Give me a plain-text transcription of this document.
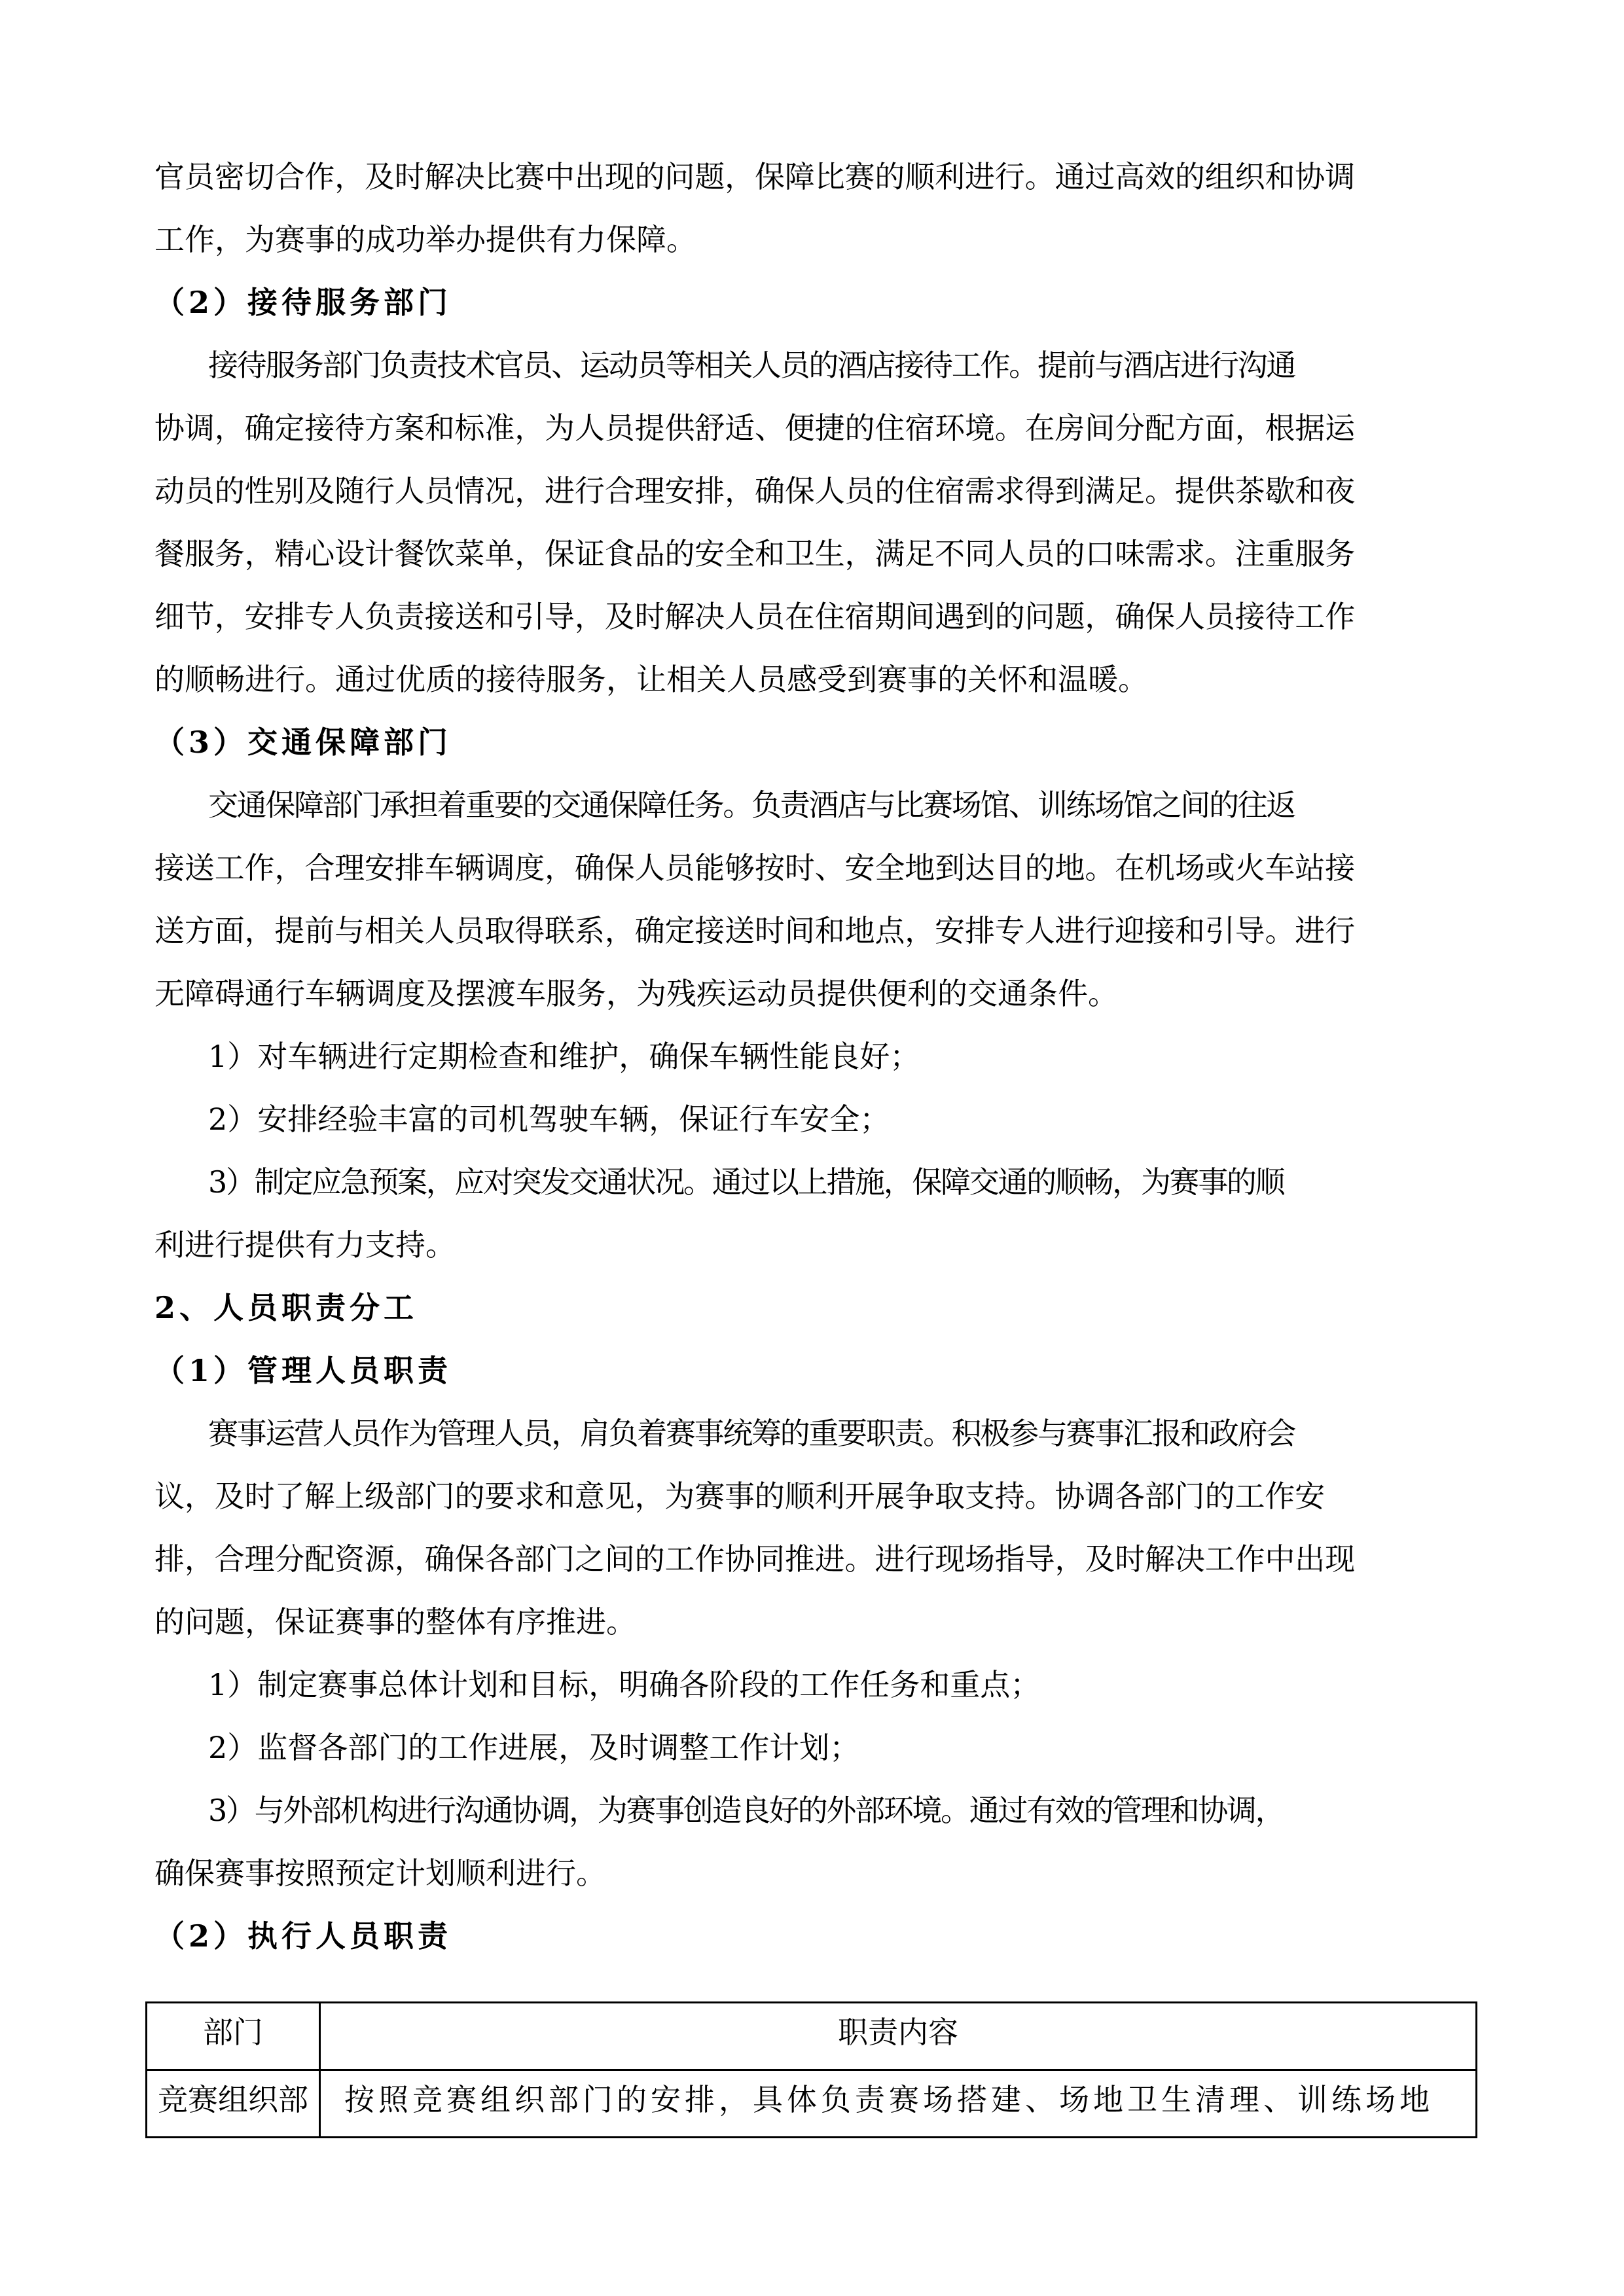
官员密切合作，及时解决比赛中出现的问题，保障比赛的顺利进行。通过高效的组织和协调
工作，为赛事的成功举办提供有力保障。
（2）接待服务部门
接待服务部门负责技术官员、运动员等相关人员的酒店接待工作。提前与酒店进行沟通
协调，确定接待方案和标准，为人员提供舒适、便捷的住宿环境。在房间分配方面，根据运
动员的性别及随行人员情况，进行合理安排，确保人员的住宿需求得到满足。提供茶歇和夜
餐服务，精心设计餐饮菜单，保证食品的安全和卫生，满足不同人员的口味需求。注重服务
细节，安排专人负责接送和引导，及时解决人员在住宿期间遇到的问题，确保人员接待工作
的顺畅进行。通过优质的接待服务，让相关人员感受到赛事的关怀和温暖。
（3）交通保障部门
交通保障部门承担着重要的交通保障任务。负责酒店与比赛场馆、训练场馆之间的往返
接送工作，合理安排车辆调度，确保人员能够按时、安全地到达目的地。在机场或火车站接
送方面，提前与相关人员取得联系，确定接送时间和地点，安排专人进行迎接和引导。进行
无障碍通行车辆调度及摆渡车服务，为残疾运动员提供便利的交通条件。
1）对车辆进行定期检查和维护，确保车辆性能良好；
2）安排经验丰富的司机驾驶车辆，保证行车安全；
3）制定应急预案，应对突发交通状况。通过以上措施，保障交通的顺畅，为赛事的顺
利进行提供有力支持。
2、人员职责分工
（1）管理人员职责
赛事运营人员作为管理人员，肩负着赛事统筹的重要职责。积极参与赛事汇报和政府会
议，及时了解上级部门的要求和意见，为赛事的顺利开展争取支持。协调各部门的工作安
排，合理分配资源，确保各部门之间的工作协同推进。进行现场指导，及时解决工作中出现
的问题，保证赛事的整体有序推进。
1）制定赛事总体计划和目标，明确各阶段的工作任务和重点；
2）监督各部门的工作进展，及时调整工作计划；
3）与外部机构进行沟通协调，为赛事创造良好的外部环境。通过有效的管理和协调，
确保赛事按照预定计划顺利进行。
（2）执行人员职责
部门	职责内容
竞赛组织部	按照竞赛组织部门的安排，具体负责赛场搭建、场地卫生清理、训练场地
